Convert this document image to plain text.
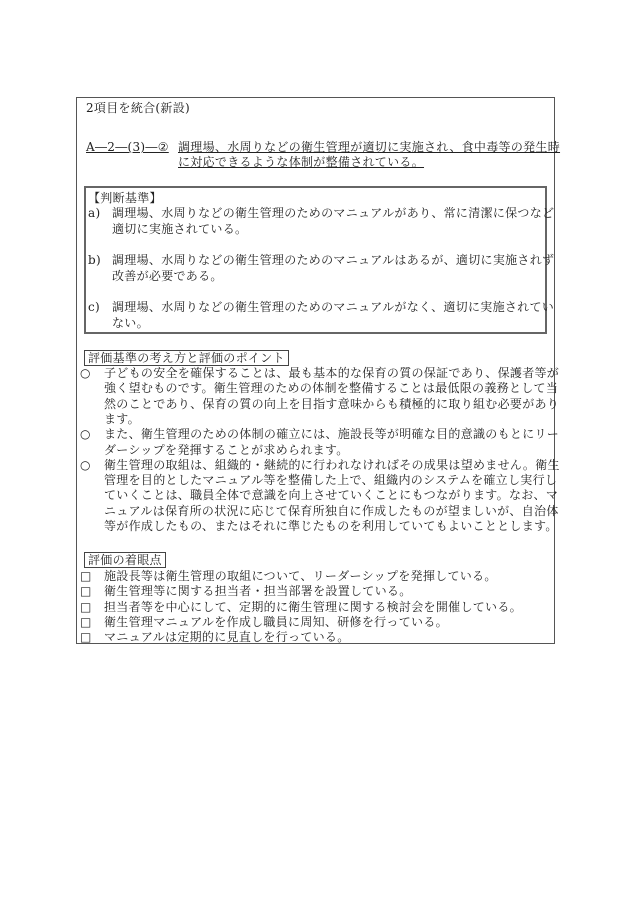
2項目を統合(新設)
A―2―(3)―② 調理場、水周りなどの衛生管理が適切に実施され、食中毒等の発生時
に対応できるような体制が整備されている。
【判断基準】
a) 調理場、水周りなどの衛生管理のためのマニュアルがあり、常に清潔に保つなど
適切に実施されている。
b) 調理場、水周りなどの衛生管理のためのマニュアルはあるが、適切に実施されず
改善が必要である。
c) 調理場、水周りなどの衛生管理のためのマニュアルがなく、適切に実施されてい
ない。
評価基準の考え方と評価のポイント
○ 子どもの安全を確保することは、最も基本的な保育の質の保証であり、保護者等が
強く望むものです。衛生管理のための体制を整備することは最低限の義務として当
然のことであり、保育の質の向上を目指す意味からも積極的に取り組む必要があり
ます。
○ また、衛生管理のための体制の確立には、施設長等が明確な目的意識のもとにリー
ダーシップを発揮することが求められます。
○ 衛生管理の取組は、組織的・継続的に行われなければその成果は望めません。衛生
管理を目的としたマニュアル等を整備した上で、組織内のシステムを確立し実行し
ていくことは、職員全体で意識を向上させていくことにもつながります。なお、マ
ニュアルは保育所の状況に応じて保育所独自に作成したものが望ましいが、自治体
等が作成したもの、またはそれに準じたものを利用していてもよいこととします。
評価の着眼点
□ 施設長等は衛生管理の取組について、リーダーシップを発揮している。
□ 衛生管理等に関する担当者・担当部署を設置している。
□ 担当者等を中心にして、定期的に衛生管理に関する検討会を開催している。
□ 衛生管理マニュアルを作成し職員に周知、研修を行っている。
□ マニュアルは定期的に見直しを行っている。
